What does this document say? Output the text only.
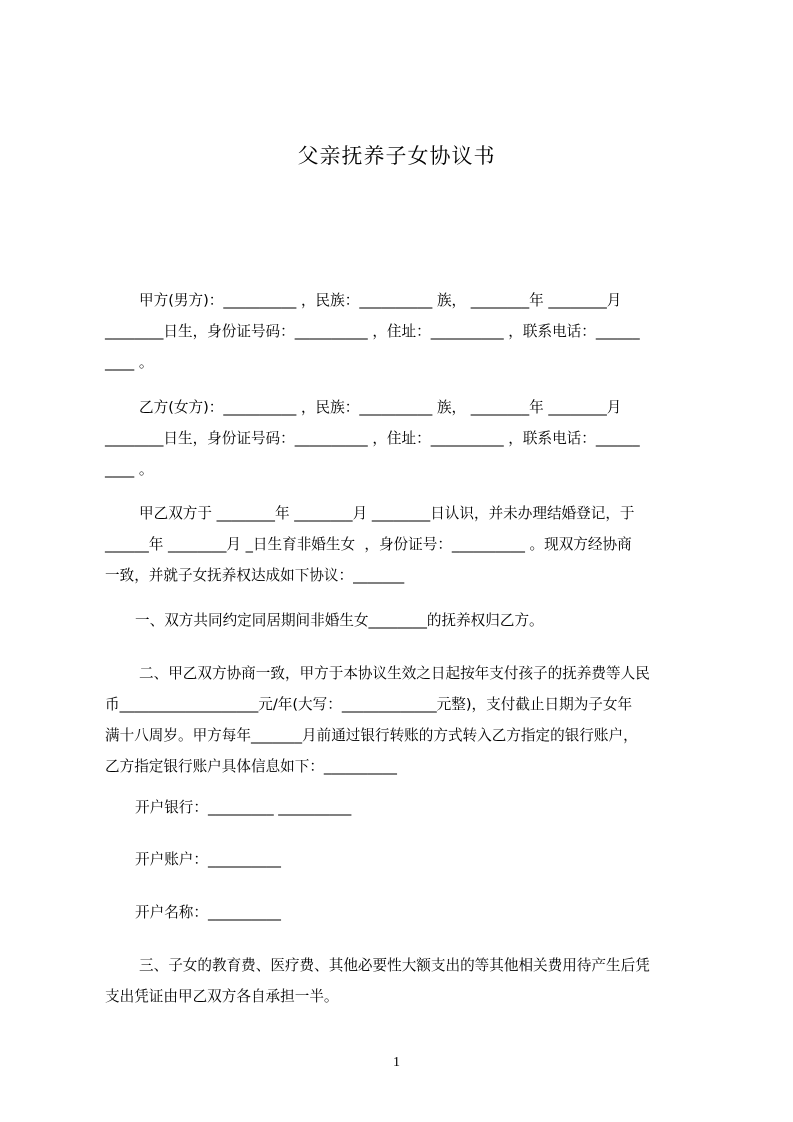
父亲抚养子女协议书
甲方(男方)：__________ ，民族：__________ 族， ________年 ________月
________日生，身份证号码：__________ ，住址：__________ ，联系电话：______
____ 。
乙方(女方)：__________ ，民族：__________ 族， ________年 ________月
________日生，身份证号码：__________ ，住址：__________ ，联系电话：______
____ 。
甲乙双方于 ________年 ________月 ________日认识，并未办理结婚登记，于
______年 ________月 _日生育非婚生女  ，身份证号：__________ 。现双方经协商
一致，并就子女抚养权达成如下协议：_______
一、双方共同约定同居期间非婚生女________的抚养权归乙方。
二、甲乙双方协商一致，甲方于本协议生效之日起按年支付孩子的抚养费等人民
币___________________元/年(大写：_____________元整)，支付截止日期为子女年
满十八周岁。甲方每年_______月前通过银行转账的方式转入乙方指定的银行账户，
乙方指定银行账户具体信息如下：__________
开户银行：_________ __________
开户账户：__________
开户名称：__________
三、子女的教育费、医疗费、其他必要性大额支出的等其他相关费用待产生后凭
支出凭证由甲乙双方各自承担一半。
1
